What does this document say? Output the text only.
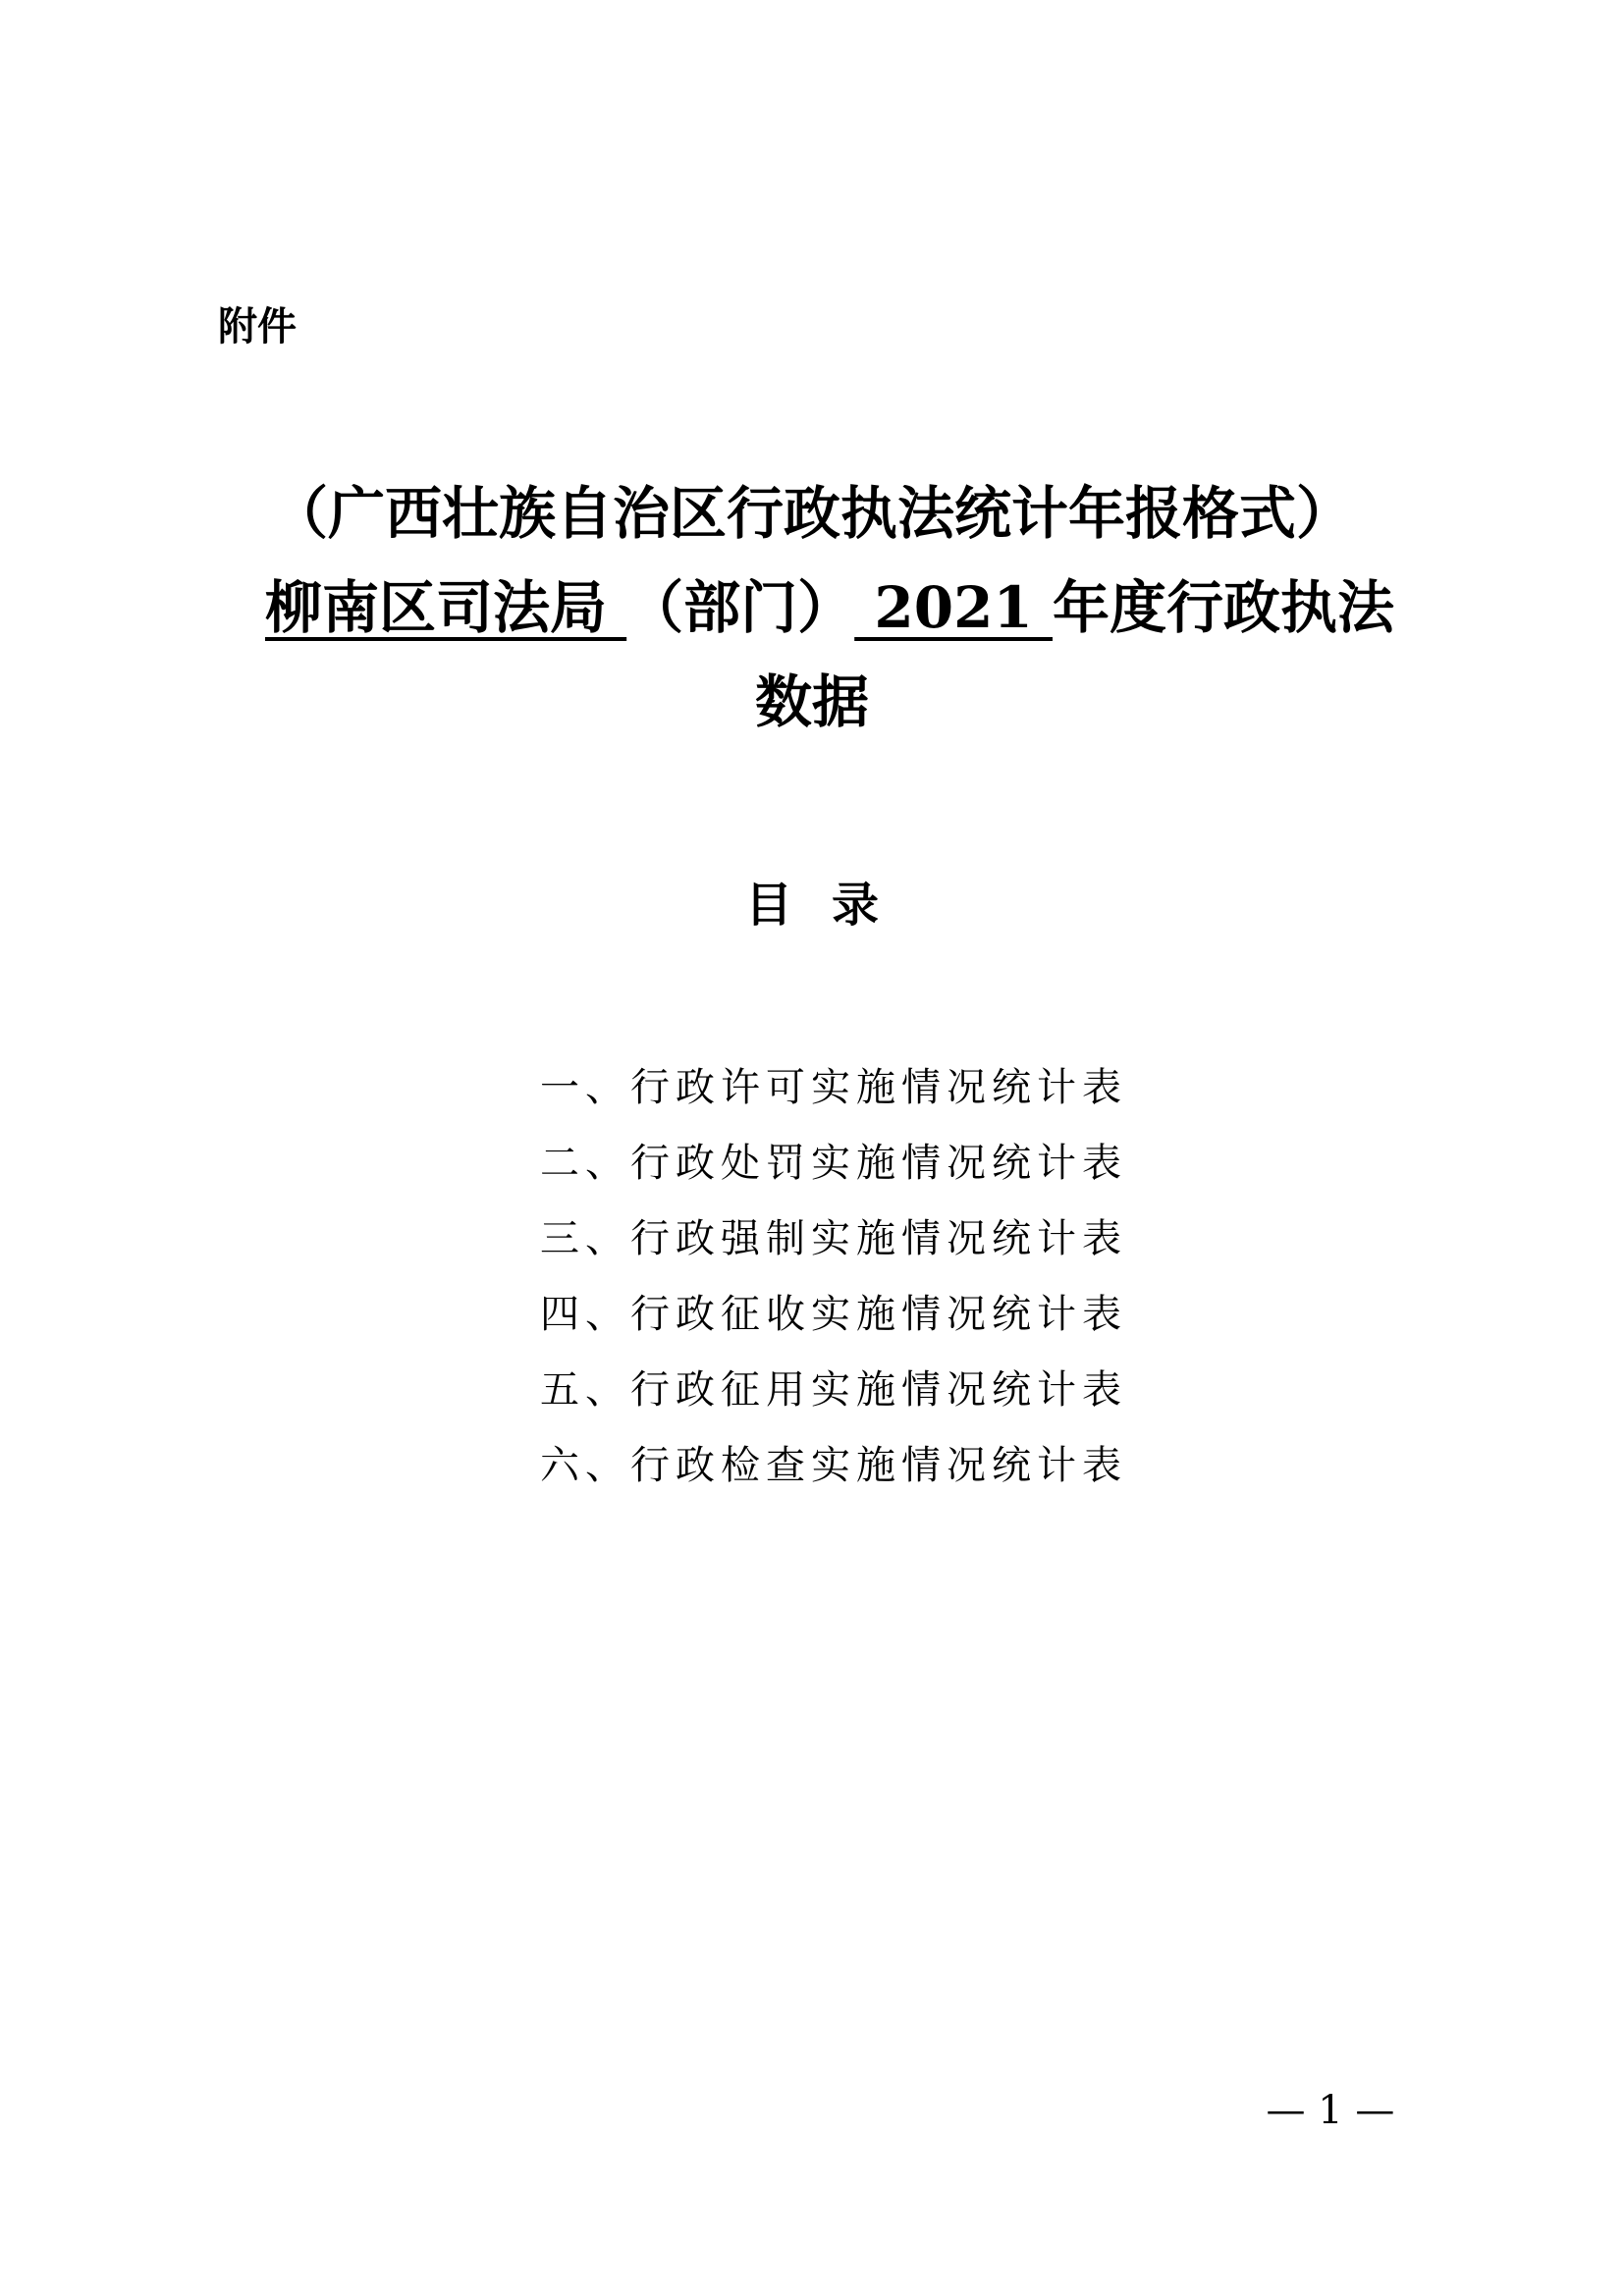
附件

（广西壮族自治区行政执法统计年报格式）
柳南区司法局 （部门） 2021 年度行政执法
数据
目录
一、行政许可实施情况统计表
二、行政处罚实施情况统计表
三、行政强制实施情况统计表
四、行政征收实施情况统计表
五、行政征用实施情况统计表
六、行政检查实施情况统计表
— 1 —
